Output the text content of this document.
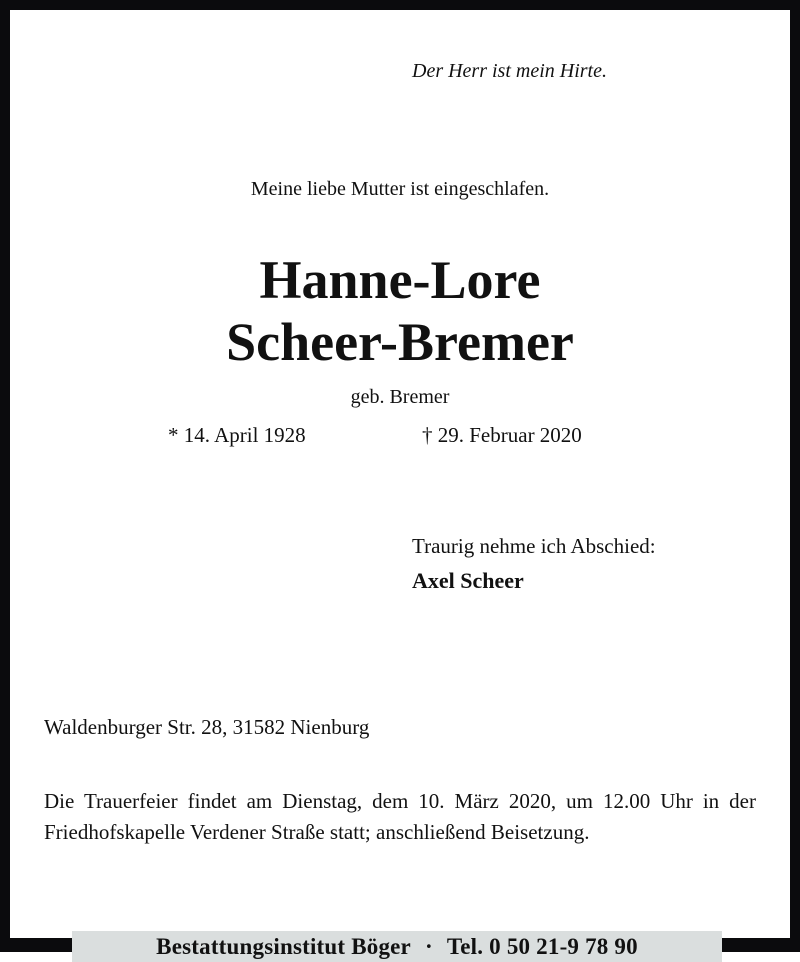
Der Herr ist mein Hirte.
Meine liebe Mutter ist eingeschlafen.
Hanne-Lore
Scheer-Bremer
geb. Bremer
* 14. April 1928	† 29. Februar 2020
Traurig nehme ich Abschied:
Axel Scheer
Waldenburger Str. 28, 31582 Nienburg
Die Trauerfeier findet am Dienstag, dem 10. März 2020, um 12.00 Uhr in der Friedhofskapelle Verdener Straße statt; anschließend Beisetzung.
Bestattungsinstitut Böger · Tel. 0 50 21-9 78 90
